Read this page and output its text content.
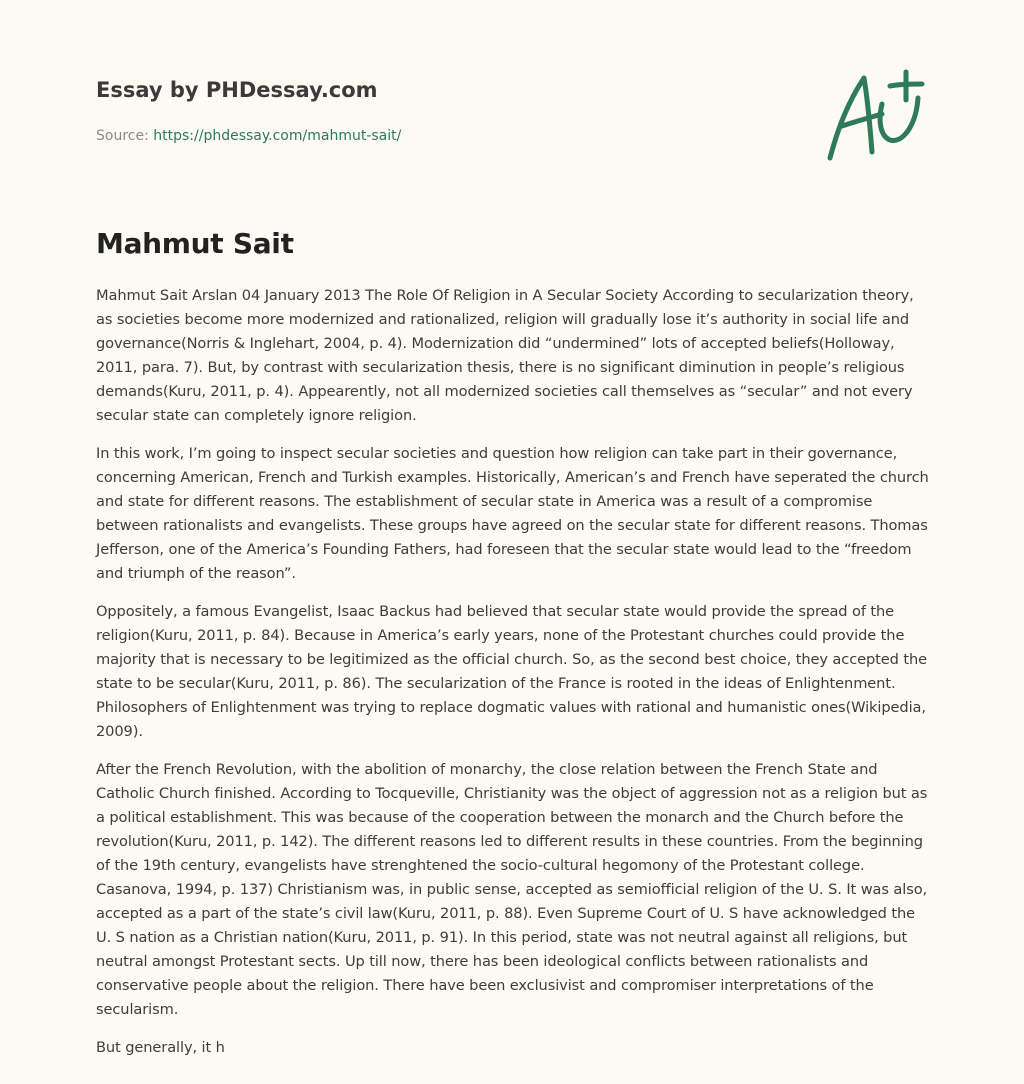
Essay by PHDessay.com
Source: https://phdessay.com/mahmut-sait/
Mahmut Sait

Mahmut Sait Arslan 04 January 2013 The Role Of Religion in A Secular Society According to secularization theory, as societies become more modernized and rationalized, religion will gradually lose it’s authority in social life and governance(Norris & Inglehart, 2004, p. 4). Modernization did “undermined” lots of accepted beliefs(Holloway, 2011, para. 7). But, by contrast with secularization thesis, there is no significant diminution in people’s religious demands(Kuru, 2011, p. 4). Appearently, not all modernized societies call themselves as “secular” and not every secular state can completely ignore religion.

In this work, I’m going to inspect secular societies and question how religion can take part in their governance, concerning American, French and Turkish examples. Historically, American’s and French have seperated the church and state for different reasons. The establishment of secular state in America was a result of a compromise between rationalists and evangelists. These groups have agreed on the secular state for different reasons. Thomas Jefferson, one of the America’s Founding Fathers, had foreseen that the secular state would lead to the “freedom and triumph of the reason”.

Oppositely, a famous Evangelist, Isaac Backus had believed that secular state would provide the spread of the religion(Kuru, 2011, p. 84). Because in America’s early years, none of the Protestant churches could provide the majority that is necessary to be legitimized as the official church. So, as the second best choice, they accepted the state to be secular(Kuru, 2011, p. 86). The secularization of the France is rooted in the ideas of Enlightenment. Philosophers of Enlightenment was trying to replace dogmatic values with rational and humanistic ones(Wikipedia, 2009).

After the French Revolution, with the abolition of monarchy, the close relation between the French State and Catholic Church finished. According to Tocqueville, Christianity was the object of aggression not as a religion but as a political establishment. This was because of the cooperation between the monarch and the Church before the revolution(Kuru, 2011, p. 142). The different reasons led to different results in these countries. From the beginning of the 19th century, evangelists have strenghtened the socio-cultural hegomony of the Protestant college. Casanova, 1994, p. 137) Christianism was, in public sense, accepted as semiofficial religion of the U. S. It was also, accepted as a part of the state’s civil law(Kuru, 2011, p. 88). Even Supreme Court of U. S have acknowledged the U. S nation as a Christian nation(Kuru, 2011, p. 91). In this period, state was not neutral against all religions, but neutral amongst Protestant sects. Up till now, there has been ideological conflicts between rationalists and conservative people about the religion. There have been exclusivist and compromiser interpretations of the secularism.

But generally, it h
